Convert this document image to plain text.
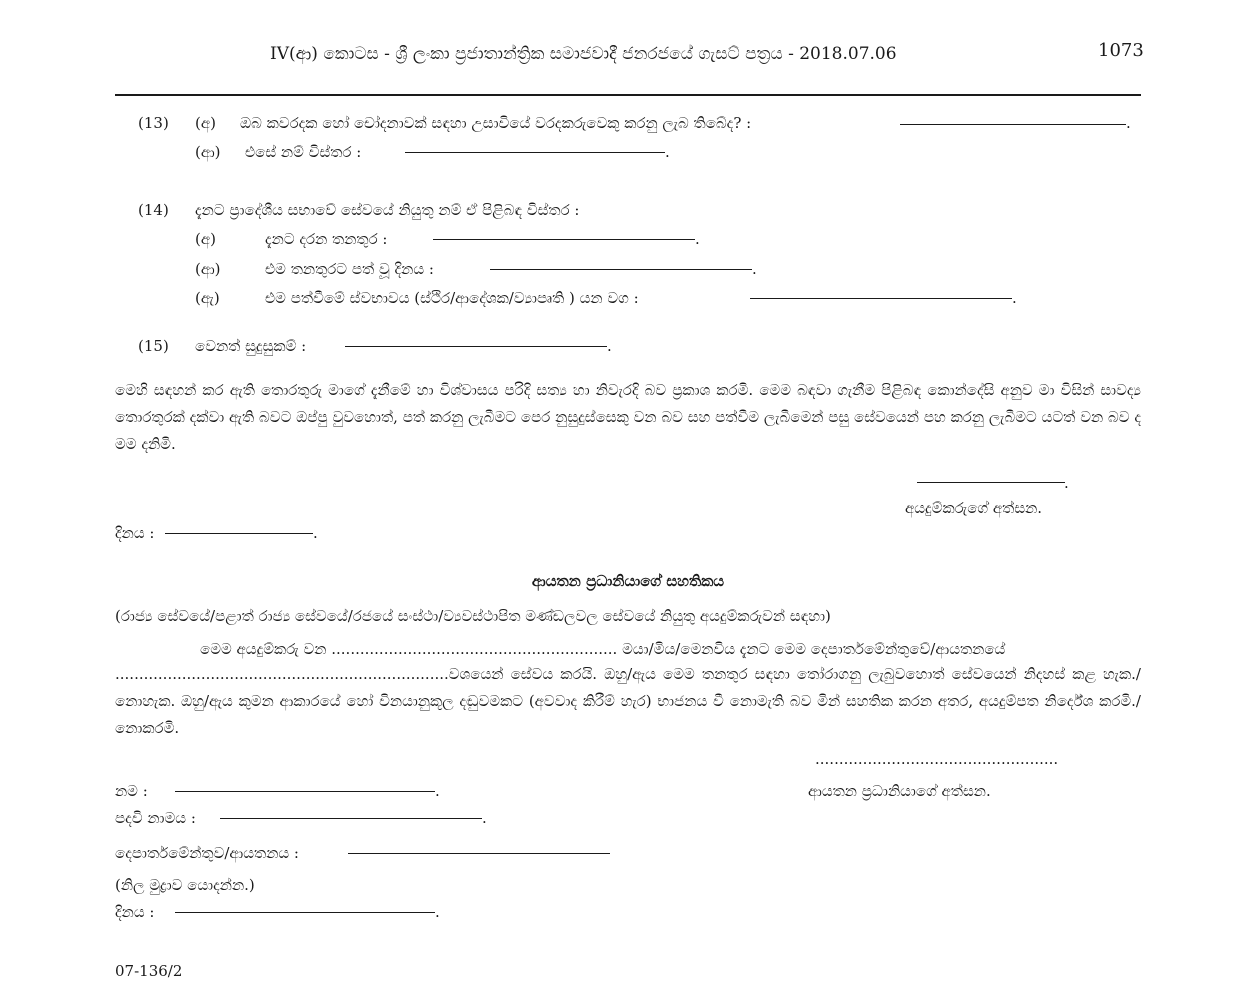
IV(ආ) කොටස - ශ්‍රී ලංකා ප්‍රජාතාන්ත්‍රික සමාජවාදී ජනරජයේ ගැසට් පත්‍රය - 2018.07.06	1073
(13) (අ) ඔබ කවරදක හෝ චෝදනාවක් සඳහා උසාවියේ වරදකරුවෙකු කරනු ලැබ තිබේද? :	.
(ආ) එසේ නම් විස්තර :	.
(14) දැනට ප්‍රාදේශීය සභාවේ සේවයේ නියුතු නම් ඒ පිළිබඳ විස්තර :
(අ)	දැනට දරන තනතුර :	.
(ආ)	එම තනතුරට පත් වූ දිනය :	.
(ඇ)	එම පත්වීමේ ස්වභාවය (ස්ථිර/ආදේශක/ව්‍යාපෘති ) යන වග :	.
(15) වෙනත් සුදුසුකම් :	.
මෙහි සඳහන් කර ඇති තොරතුරු මාගේ දැනීමේ හා විශ්වාසය පරිදි සත්‍ය හා නිවැරදි බව ප්‍රකාශ කරමි. මෙම බඳවා ගැනීම පිළිබඳ කොන්දේසි අනුව මා විසින් සාවද්‍ය තොරතුරක් දක්වා ඇති බවට ඔප්පු වුවහොත්, පත් කරනු ලැබීමට පෙර නුසුදුස්සෙකු වන බව සහ පත්වීම ලැබීමෙන් පසු සේවයෙන් පහ කරනු ලැබීමට යටත් වන බව ද මම දනිමි.
.
අයදුම්කරුගේ අත්සන.
දිනය :	.
ආයතන ප්‍රධානියාගේ සහතිකය
(රාජ්‍ය සේවයේ/පළාත් රාජ්‍ය සේවයේ/රජයේ සංස්ථා/ව්‍යවස්ථාපිත මණ්ඩලවල සේවයේ නියුතු අයදුම්කරුවන් සඳහා)
මෙම අයදුම්කරු වන ............................................................ මයා/මිය/මෙනවිය දැනට මෙම දෙපාර්තමේන්තුවේ/ආයතනයේ
......................................................................වශයෙන් සේවය කරයි. ඔහු/ඇය මෙම තනතුර සඳහා තෝරාගනු ලැබුවහොත් සේවයෙන් නිදහස් කළ හැක./නොහැක. ඔහු/ඇය කුමන ආකාරයේ හෝ විනයානුකූල දඬුවමකට (අවවාද කිරීම් හැර) භාජනය වී නොමැති බව මින් සහතික කරන අතර, අයදුම්පත නිර්දේශ කරමි./නොකරමි.
...................................................
ආයතන ප්‍රධානියාගේ අත්සන.
නම :	.
පදවි නාමය :	.
දෙපාර්තමේන්තුව/ආයතනය :
(නිල මුද්‍රාව යොදන්න.)
දිනය :	.
07-136/2
